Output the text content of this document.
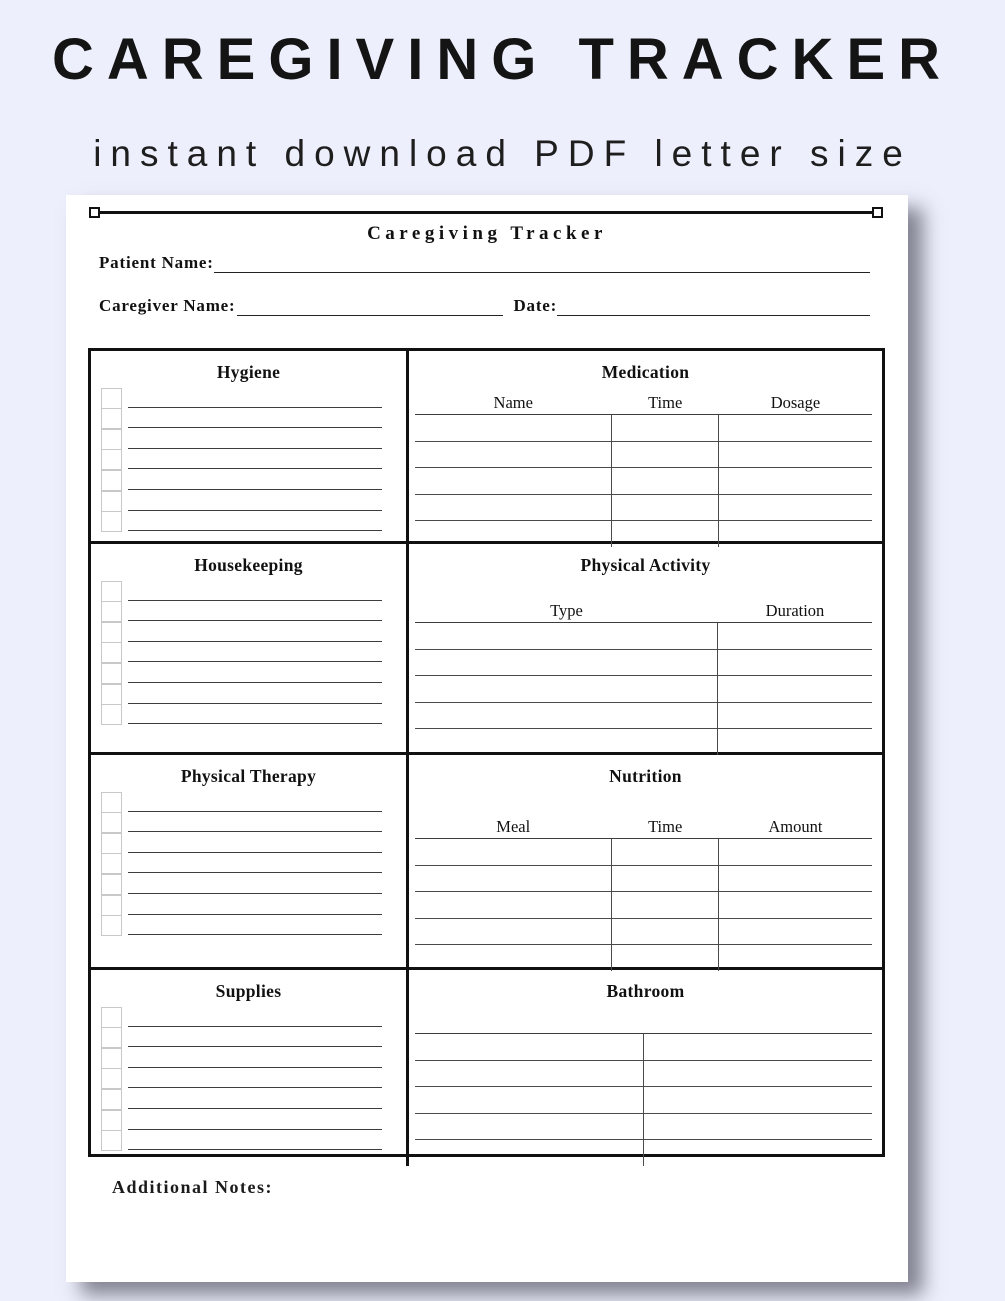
CAREGIVING TRACKER
instant download PDF letter size
Caregiving Tracker
Patient Name:
Caregiver Name:	Date:
Hygiene	Medication
Name	Time	Dosage
Housekeeping	Physical Activity
Type	Duration
Physical Therapy	Nutrition
Meal	Time	Amount
Supplies	Bathroom
Additional Notes:
